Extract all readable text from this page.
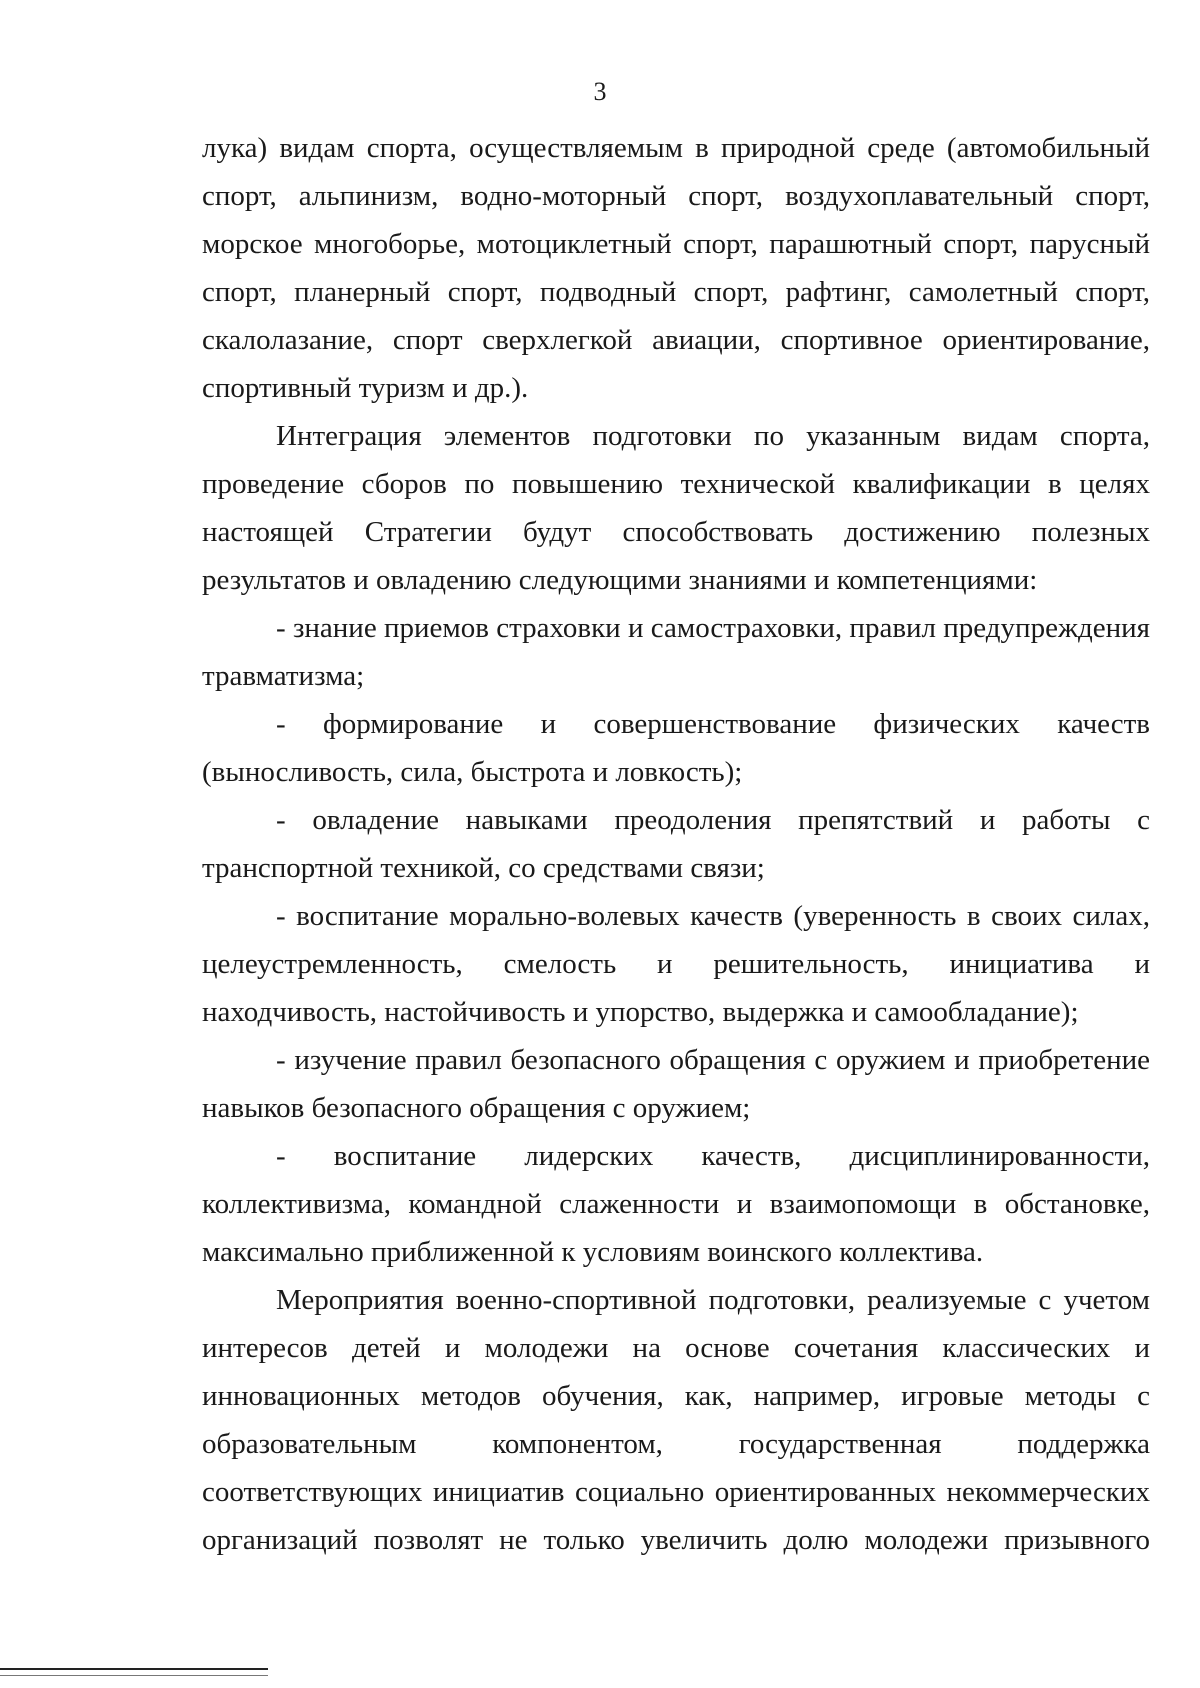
3

лука) видам спорта, осуществляемым в природной среде (автомобильный спорт, альпинизм, водно-моторный спорт, воздухоплавательный спорт, морское многоборье, мотоциклетный спорт, парашютный спорт, парусный спорт, планерный спорт, подводный спорт, рафтинг, самолетный спорт, скалолазание, спорт сверхлегкой авиации, спортивное ориентирование, спортивный туризм и др.).

Интеграция элементов подготовки по указанным видам спорта, проведение сборов по повышению технической квалификации в целях настоящей Стратегии будут способствовать достижению полезных результатов и овладению следующими знаниями и компетенциями:

- знание приемов страховки и самостраховки, правил предупреждения травматизма;

- формирование и совершенствование физических качеств (выносливость, сила, быстрота и ловкость);

- овладение навыками преодоления препятствий и работы с транспортной техникой, со средствами связи;

- воспитание морально-волевых качеств (уверенность в своих силах, целеустремленность, смелость и решительность, инициатива и находчивость, настойчивость и упорство, выдержка и самообладание);

- изучение правил безопасного обращения с оружием и приобретение навыков безопасного обращения с оружием;

- воспитание лидерских качеств, дисциплинированности, коллективизма, командной слаженности и взаимопомощи в обстановке, максимально приближенной к условиям воинского коллектива.

Мероприятия военно-спортивной подготовки, реализуемые с учетом интересов детей и молодежи на основе сочетания классических и инновационных методов обучения, как, например, игровые методы с образовательным компонентом, государственная поддержка соответствующих инициатив социально ориентированных некоммерческих организаций позволят не только увеличить долю молодежи призывного
